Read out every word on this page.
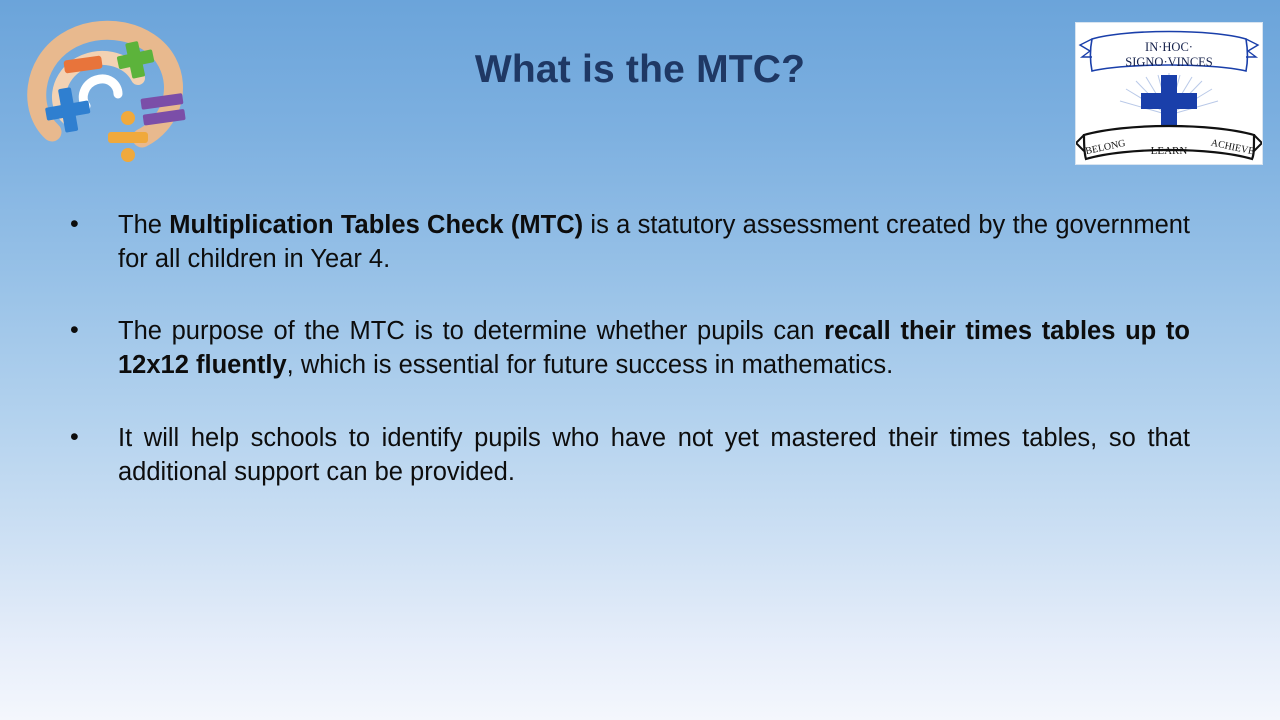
IN·HOC·
SIGNO·VINCES
BELONG LEARN ACHIEVE
What is the MTC?
•	The Multiplication Tables Check (MTC) is a statutory assessment created by the government for all children in Year 4.
•	The purpose of the MTC is to determine whether pupils can recall their times tables up to 12x12 fluently, which is essential for future success in mathematics.
•	It will help schools to identify pupils who have not yet mastered their times tables, so that additional support can be provided.
